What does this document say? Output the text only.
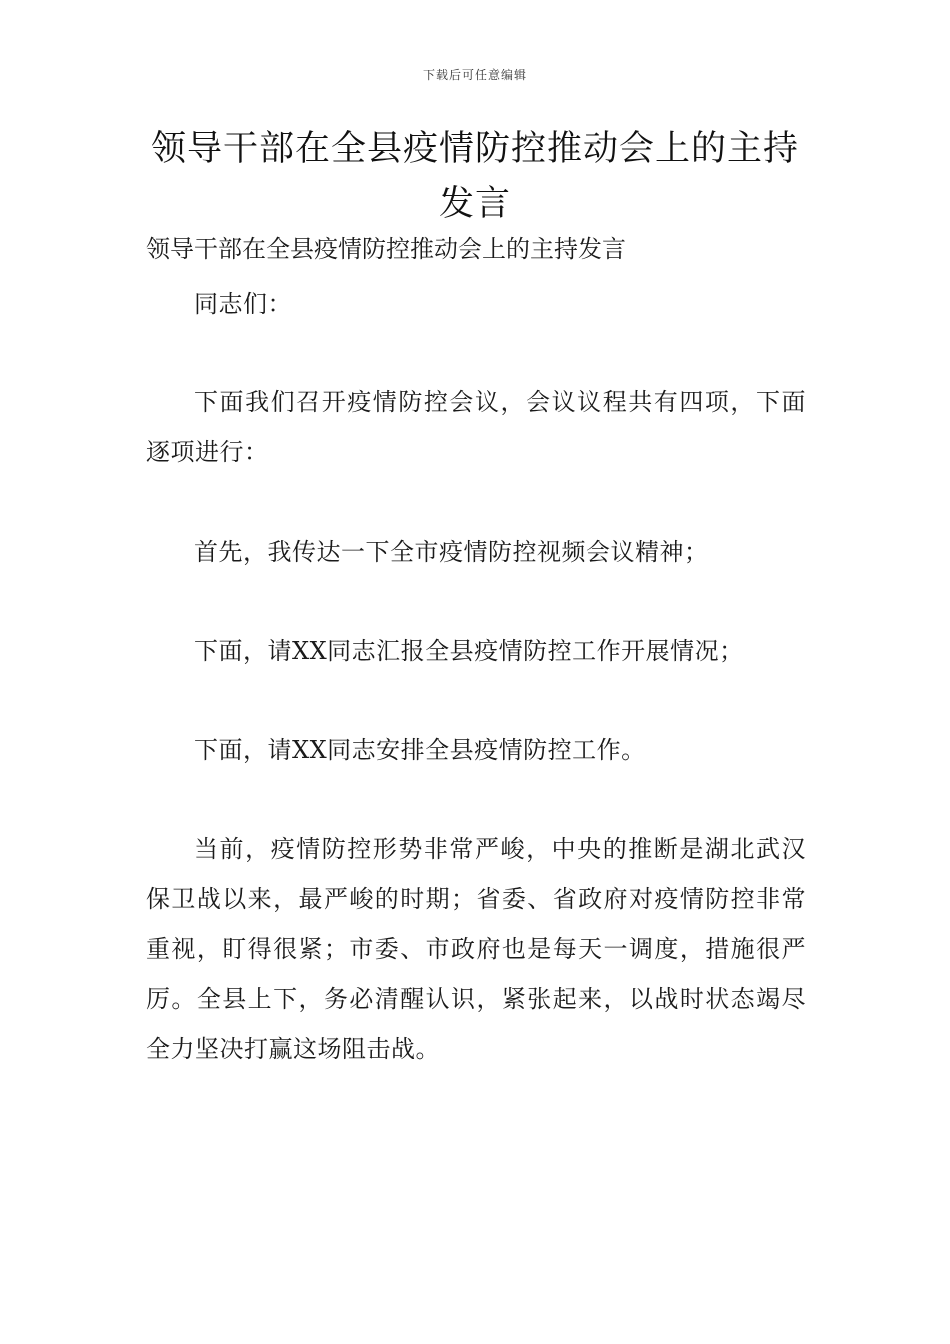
下载后可任意编辑
领导干部在全县疫情防控推动会上的主持发言

领导干部在全县疫情防控推动会上的主持发言

同志们：

下面我们召开疫情防控会议，会议议程共有四项，下面逐项进行：

首先，我传达一下全市疫情防控视频会议精神；

下面，请XX同志汇报全县疫情防控工作开展情况；

下面，请XX同志安排全县疫情防控工作。

当前，疫情防控形势非常严峻，中央的推断是湖北武汉保卫战以来，最严峻的时期；省委、省政府对疫情防控非常重视，盯得很紧；市委、市政府也是每天一调度，措施很严厉。全县上下，务必清醒认识，紧张起来，以战时状态竭尽全力坚决打赢这场阻击战。
